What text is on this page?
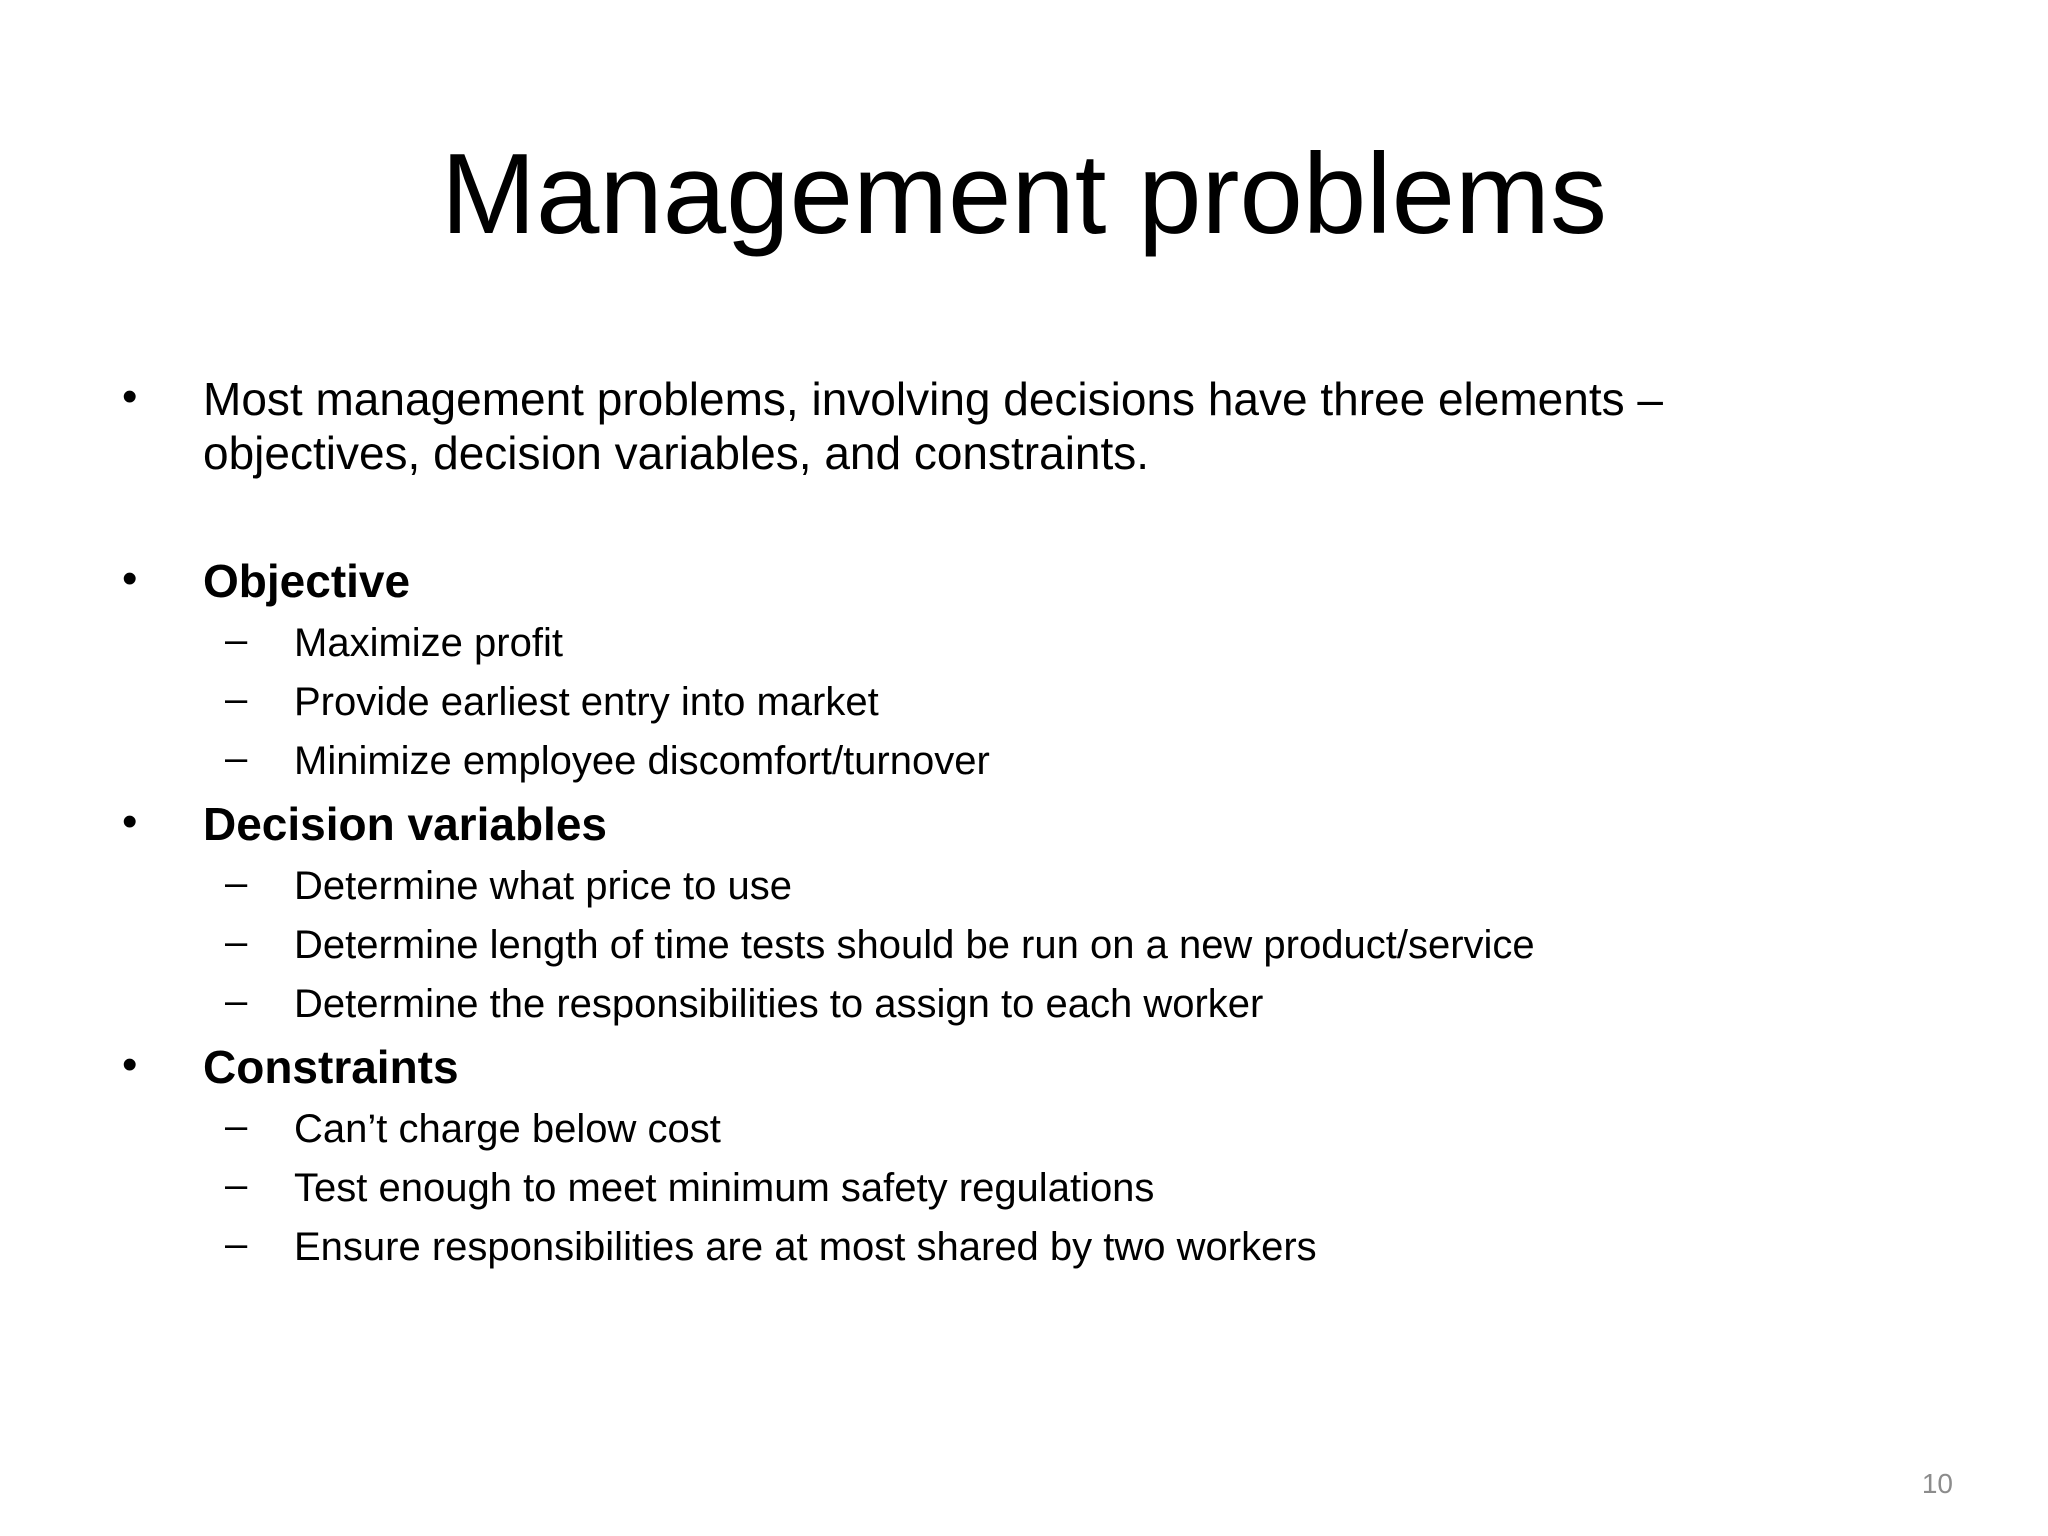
Management problems
•	Most management problems, involving decisions have three elements – objectives, decision variables, and constraints.
•	Objective
–	Maximize profit
–	Provide earliest entry into market
–	Minimize employee discomfort/turnover
•	Decision variables
–	Determine what price to use
–	Determine length of time tests should be run on a new product/service
–	Determine the responsibilities to assign to each worker
•	Constraints
–	Can’t charge below cost
–	Test enough to meet minimum safety regulations
–	Ensure responsibilities are at most shared by two workers
10
